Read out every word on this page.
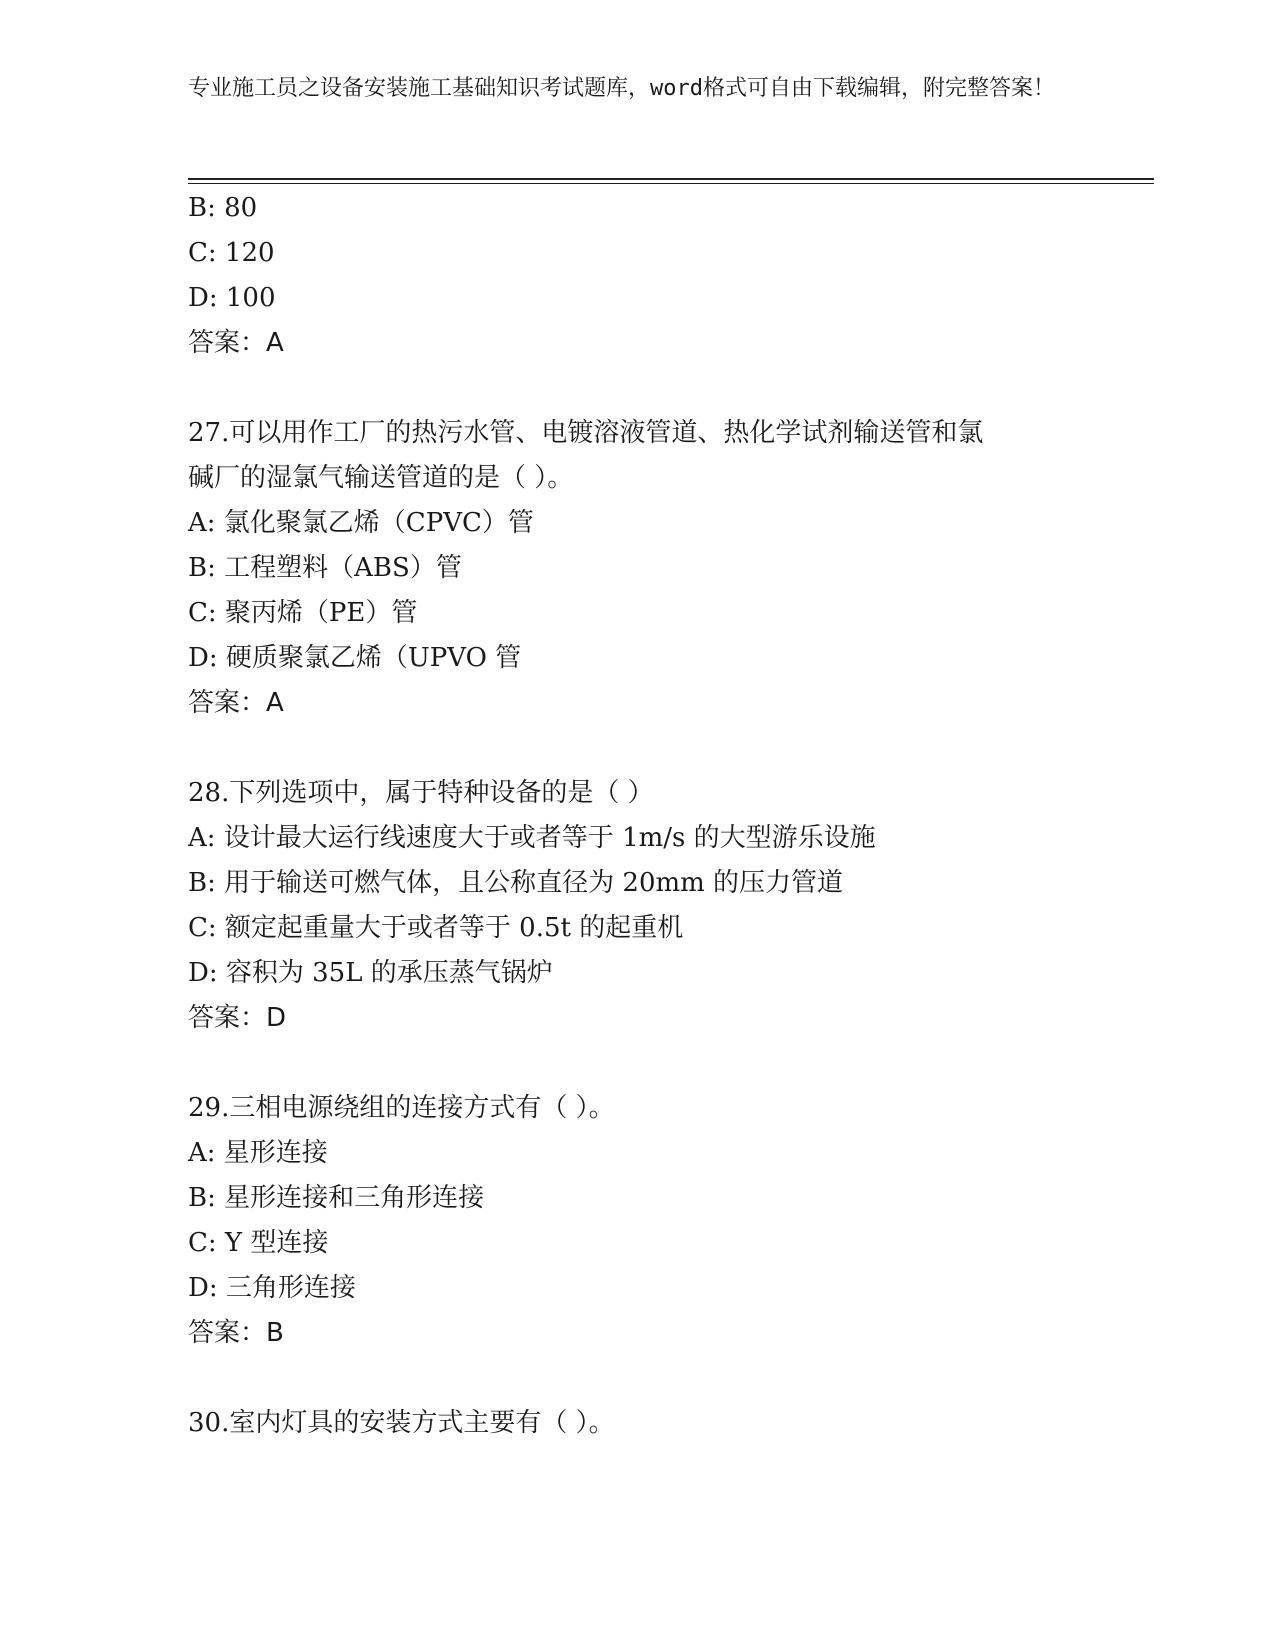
专业施工员之设备安装施工基础知识考试题库，word格式可自由下载编辑，附完整答案！
B: 80
C: 120
D: 100
答案：A
27.可以用作工厂的热污水管、电镀溶液管道、热化学试剂输送管和氯
碱厂的湿氯气输送管道的是（ ）。
A: 氯化聚氯乙烯（CPVC）管
B: 工程塑料（ABS）管
C: 聚丙烯（PE）管
D: 硬质聚氯乙烯（UPVO 管
答案：A
28.下列选项中，属于特种设备的是（ ）
A: 设计最大运行线速度大于或者等于 1m/s 的大型游乐设施
B: 用于输送可燃气体，且公称直径为 20mm 的压力管道
C: 额定起重量大于或者等于 0.5t 的起重机
D: 容积为 35L 的承压蒸气锅炉
答案：D
29.三相电源绕组的连接方式有（ ）。
A: 星形连接
B: 星形连接和三角形连接
C: Y 型连接
D: 三角形连接
答案：B
30.室内灯具的安装方式主要有（ ）。
